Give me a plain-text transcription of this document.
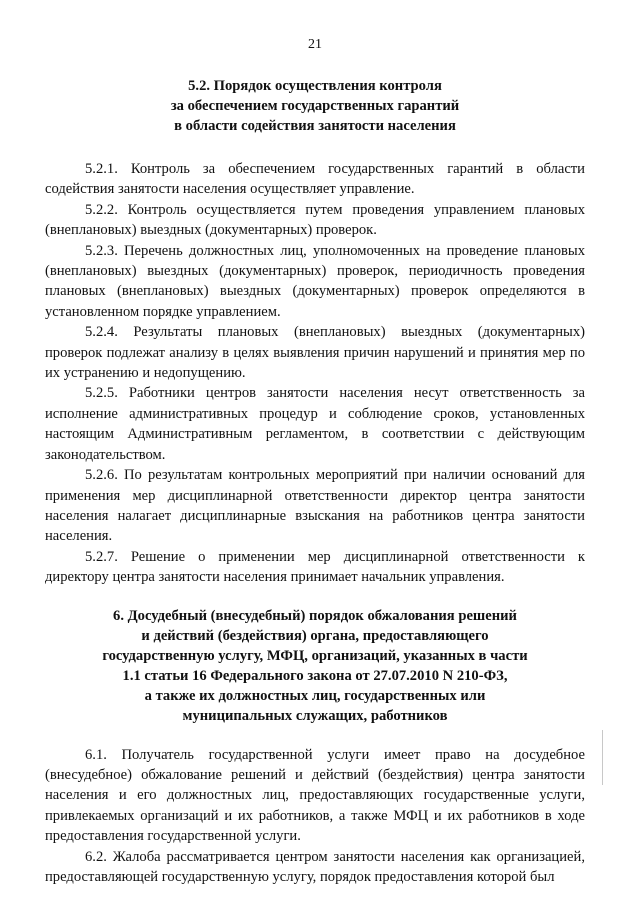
21
5.2. Порядок осуществления контроля
за обеспечением государственных гарантий
в области содействия занятости населения

5.2.1. Контроль за обеспечением государственных гарантий в области содействия занятости населения осуществляет управление.

5.2.2. Контроль осуществляется путем проведения управлением плановых (внеплановых) выездных (документарных) проверок.

5.2.3. Перечень должностных лиц, уполномоченных на проведение плановых (внеплановых) выездных (документарных) проверок, периодичность проведения плановых (внеплановых) выездных (документарных) проверок определяются в установленном порядке управлением.

5.2.4. Результаты плановых (внеплановых) выездных (документарных) проверок подлежат анализу в целях выявления причин нарушений и принятия мер по их устранению и недопущению.

5.2.5. Работники центров занятости населения несут ответственность за исполнение административных процедур и соблюдение сроков, установленных настоящим Административным регламентом, в соответствии с действующим законодательством.

5.2.6. По результатам контрольных мероприятий при наличии оснований для применения мер дисциплинарной ответственности директор центра занятости населения налагает дисциплинарные взыскания на работников центра занятости населения.

5.2.7. Решение о применении мер дисциплинарной ответственности к директору центра занятости населения принимает начальник управления.

6. Досудебный (внесудебный) порядок обжалования решений
и действий (бездействия) органа, предоставляющего
государственную услугу, МФЦ, организаций, указанных в части
1.1 статьи 16 Федерального закона от 27.07.2010 N 210-ФЗ,
а также их должностных лиц, государственных или
муниципальных служащих, работников

6.1. Получатель государственной услуги имеет право на досудебное (внесудебное) обжалование решений и действий (бездействия) центра занятости населения и его должностных лиц, предоставляющих государственные услуги, привлекаемых организаций и их работников, а также МФЦ и их работников в ходе предоставления государственной услуги.

6.2. Жалоба рассматривается центром занятости населения как организацией, предоставляющей государственную услугу, порядок предоставления которой был
